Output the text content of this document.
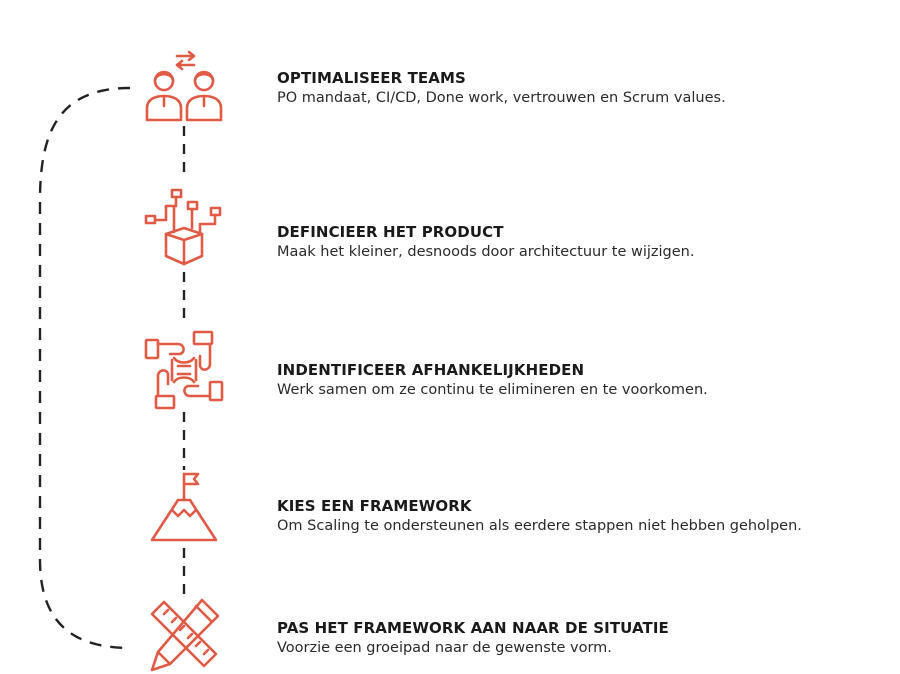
OPTIMALISEER TEAMS
PO mandaat, CI/CD, Done work, vertrouwen en Scrum values.
DEFINCIEER HET PRODUCT
Maak het kleiner, desnoods door architectuur te wijzigen.
INDENTIFICEER AFHANKELIJKHEDEN
Werk samen om ze continu te elimineren en te voorkomen.
KIES EEN FRAMEWORK
Om Scaling te ondersteunen als eerdere stappen niet hebben geholpen.
PAS HET FRAMEWORK AAN NAAR DE SITUATIE
Voorzie een groeipad naar de gewenste vorm.
